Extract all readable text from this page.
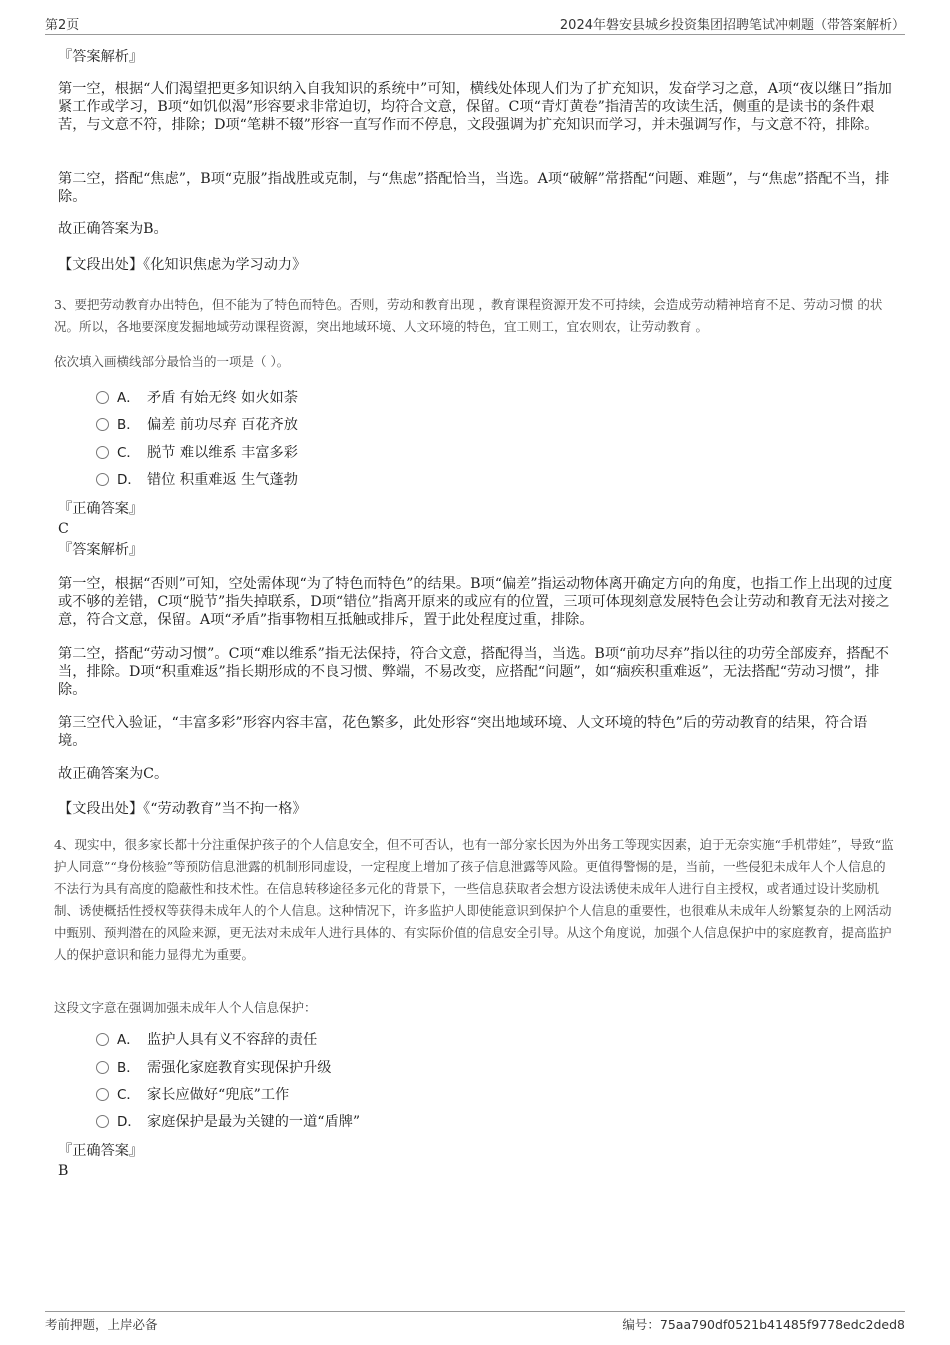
第2页	2024年磐安县城乡投资集团招聘笔试冲刺题（带答案解析）
『答案解析』
第一空，根据“人们渴望把更多知识纳入自我知识的系统中”可知，横线处体现人们为了扩充知识，发奋学习之意，A项“夜以继日”指加紧工作或学习，B项“如饥似渴”形容要求非常迫切，均符合文意，保留。C项“青灯黄卷”指清苦的攻读生活，侧重的是读书的条件艰苦，与文意不符，排除；D项“笔耕不辍”形容一直写作而不停息，文段强调为扩充知识而学习，并未强调写作，与文意不符，排除。
第二空，搭配“焦虑”，B项“克服”指战胜或克制，与“焦虑”搭配恰当，当选。A项“破解”常搭配“问题、难题”，与“焦虑”搭配不当，排除。
故正确答案为B。
【文段出处】《化知识焦虑为学习动力》
3、要把劳动教育办出特色，但不能为了特色而特色。否则，劳动和教育出现 ，教育课程资源开发不可持续，会造成劳动精神培育不足、劳动习惯 的状况。所以，各地要深度发掘地域劳动课程资源，突出地域环境、人文环境的特色，宜工则工，宜农则农，让劳动教育 。
依次填入画横线部分最恰当的一项是（ ）。
A． 矛盾 有始无终 如火如荼
B． 偏差 前功尽弃 百花齐放
C． 脱节 难以维系 丰富多彩
D． 错位 积重难返 生气蓬勃
『正确答案』
C
『答案解析』
第一空，根据“否则”可知，空处需体现“为了特色而特色”的结果。B项“偏差”指运动物体离开确定方向的角度，也指工作上出现的过度或不够的差错，C项“脱节”指失掉联系，D项“错位”指离开原来的或应有的位置，三项可体现刻意发展特色会让劳动和教育无法对接之意，符合文意，保留。A项“矛盾”指事物相互抵触或排斥，置于此处程度过重，排除。
第二空，搭配“劳动习惯”。C项“难以维系”指无法保持，符合文意，搭配得当，当选。B项“前功尽弃”指以往的功劳全部废弃，搭配不当，排除。D项“积重难返”指长期形成的不良习惯、弊端，不易改变，应搭配“问题”，如“痼疾积重难返”，无法搭配“劳动习惯”，排除。
第三空代入验证，“丰富多彩”形容内容丰富，花色繁多，此处形容“突出地域环境、人文环境的特色”后的劳动教育的结果，符合语境。
故正确答案为C。
【文段出处】《“劳动教育”当不拘一格》
4、现实中，很多家长都十分注重保护孩子的个人信息安全，但不可否认，也有一部分家长因为外出务工等现实因素，迫于无奈实施“手机带娃”，导致“监护人同意”“身份核验”等预防信息泄露的机制形同虚设，一定程度上增加了孩子信息泄露等风险。更值得警惕的是，当前，一些侵犯未成年人个人信息的不法行为具有高度的隐蔽性和技术性。在信息转移途径多元化的背景下，一些信息获取者会想方设法诱使未成年人进行自主授权，或者通过设计奖励机制、诱使概括性授权等获得未成年人的个人信息。这种情况下，许多监护人即使能意识到保护个人信息的重要性，也很难从未成年人纷繁复杂的上网活动中甄别、预判潜在的风险来源，更无法对未成年人进行具体的、有实际价值的信息安全引导。从这个角度说，加强个人信息保护中的家庭教育，提高监护人的保护意识和能力显得尤为重要。
这段文字意在强调加强未成年人个人信息保护：
A． 监护人具有义不容辞的责任
B． 需强化家庭教育实现保护升级
C． 家长应做好“兜底”工作
D． 家庭保护是最为关键的一道“盾牌”
『正确答案』
B
考前押题，上岸必备	编号：75aa790df0521b41485f9778edc2ded8
